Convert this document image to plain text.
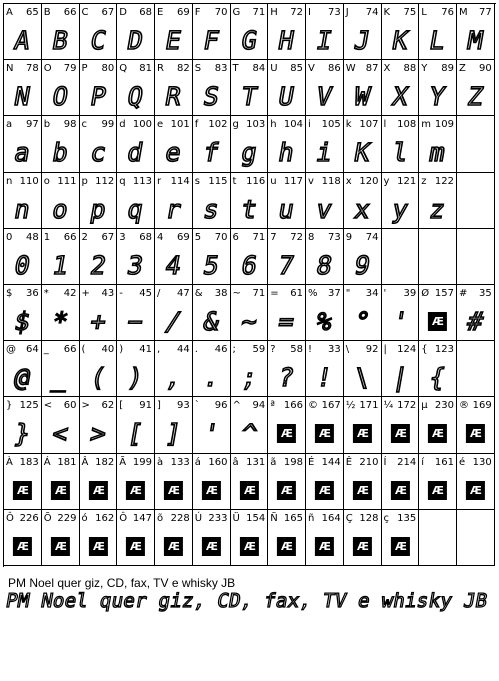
A 65
A
B 66
B
C 67
C
D 68
D
E 69
E
F 70
F
G 71
G
H 72
H
I 73
I
J 74
J
K 75
K
L 76
L
M 77
M
N 78
N
O 79
O
P 80
P
Q 81
Q
R 82
R
S 83
S
T 84
T
U 85
U
V 86
V
W 87
W
X 88
X
Y 89
Y
Z 90
Z
a 97
a
b 98
b
c 99
c
d 100
d
e 101
e
f 102
f
g 103
g
h 104
h
i 105
i
k 107
K
l 108
l
m 109
m
n 110
n
o 111
o
p 112
p
q 113
q
r 114
r
s 115
s
t 116
t
u 117
u
v 118
v
x 120
x
y 121
y
z 122
z
0 48
0
1 66
1
2 67
2
3 68
3
4 69
4
5 70
5
6 71
6
7 72
7
8 73
8
9 74
9
$ 36
$
* 42
*
+ 43
+
- 45
−
/ 47
/
& 38
&
~ 71
~
= 61
=
% 37
%
" 34
°
' 39
'
Ø 157
Æ
# 35
#
@ 64
@
_ 66
_
( 40
(
) 41
)
, 44
,
. 46
.
; 59
;
? 58
?
! 33
!
\ 92
\
| 124
|
{ 123
{
} 125
}
< 60
<
> 62
>
[ 91
[
] 93
]
` 96
'
^ 94
^
ª 166
Æ
© 167
Æ
½ 171
Æ
¼ 172
Æ
µ 230
Æ
® 169
Æ
À 183
Æ
Á 181
Æ
Â 182
Æ
Ã 199
Æ
à 133
Æ
á 160
Æ
â 131
Æ
ã 198
Æ
É 144
Æ
Ê 210
Æ
Í 214
Æ
í 161
Æ
é 130
Æ
Ô 226
Æ
Õ 229
Æ
ó 162
Æ
Ô 147
Æ
õ 228
Æ
Ú 233
Æ
Ü 154
Æ
Ñ 165
Æ
ñ 164
Æ
Ç 128
Æ
ç 135
Æ
PM Noel quer giz, CD, fax, TV e whisky JB
PM Noel quer giz, CD, fax, TV e whisky JB
